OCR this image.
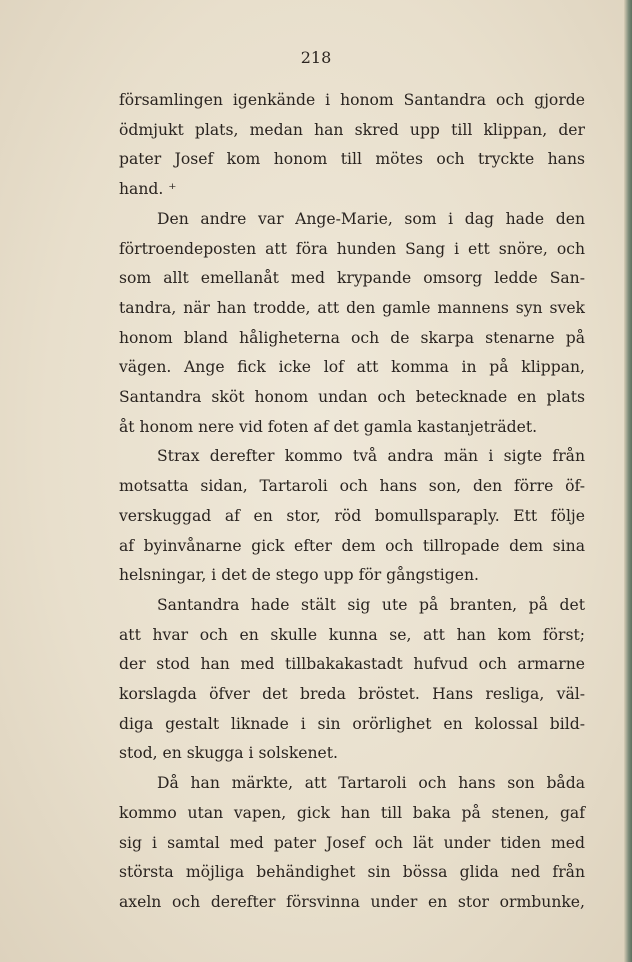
218

församlingen igenkände i honom Santandra och gjorde
ödmjukt plats, medan han skred upp till klippan, der
pater Josef kom honom till mötes och tryckte hans
hand. ⁺

Den andre var Ange-Marie, som i dag hade den
förtroendeposten att föra hunden Sang i ett snöre, och
som allt emellanåt med krypande omsorg ledde San-
tandra, när han trodde, att den gamle mannens syn svek
honom bland håligheterna och de skarpa stenarne på
vägen. Ange fick icke lof att komma in på klippan,
Santandra sköt honom undan och betecknade en plats
åt honom nere vid foten af det gamla kastanjeträdet.

Strax derefter kommo två andra män i sigte från
motsatta sidan, Tartaroli och hans son, den förre öf-
verskuggad af en stor, röd bomullsparaply. Ett följe
af byinvånarne gick efter dem och tillropade dem sina
helsningar, i det de stego upp för gångstigen.

Santandra hade stält sig ute på branten, på det
att hvar och en skulle kunna se, att han kom först;
der stod han med tillbakakastadt hufvud och armarne
korslagda öfver det breda bröstet. Hans resliga, väl-
diga gestalt liknade i sin orörlighet en kolossal bild-
stod, en skugga i solskenet.

Då han märkte, att Tartaroli och hans son båda
kommo utan vapen, gick han till baka på stenen, gaf
sig i samtal med pater Josef och lät under tiden med
största möjliga behändighet sin bössa glida ned från
axeln och derefter försvinna under en stor ormbunke,
